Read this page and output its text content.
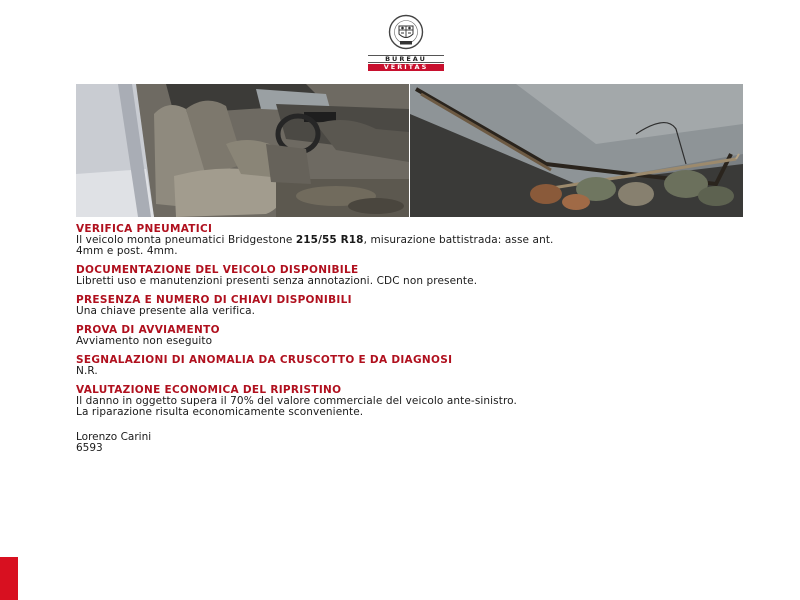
BUREAU
VERITAS
VERIFICA PNEUMATICI
Il veicolo monta pneumatici Bridgestone 215/55 R18, misurazione battistrada: asse ant.
4mm e post. 4mm.
DOCUMENTAZIONE DEL VEICOLO DISPONIBILE
Libretti uso e manutenzioni presenti senza annotazioni. CDC non presente.
PRESENZA E NUMERO DI CHIAVI DISPONIBILI
Una chiave presente alla verifica.
PROVA DI AVVIAMENTO
Avviamento non eseguito
SEGNALAZIONI DI ANOMALIA DA CRUSCOTTO E DA DIAGNOSI
N.R.
VALUTAZIONE ECONOMICA DEL RIPRISTINO
Il danno in oggetto supera il 70% del valore commerciale del veicolo ante-sinistro.
La riparazione risulta economicamente sconveniente.
Lorenzo Carini
6593
